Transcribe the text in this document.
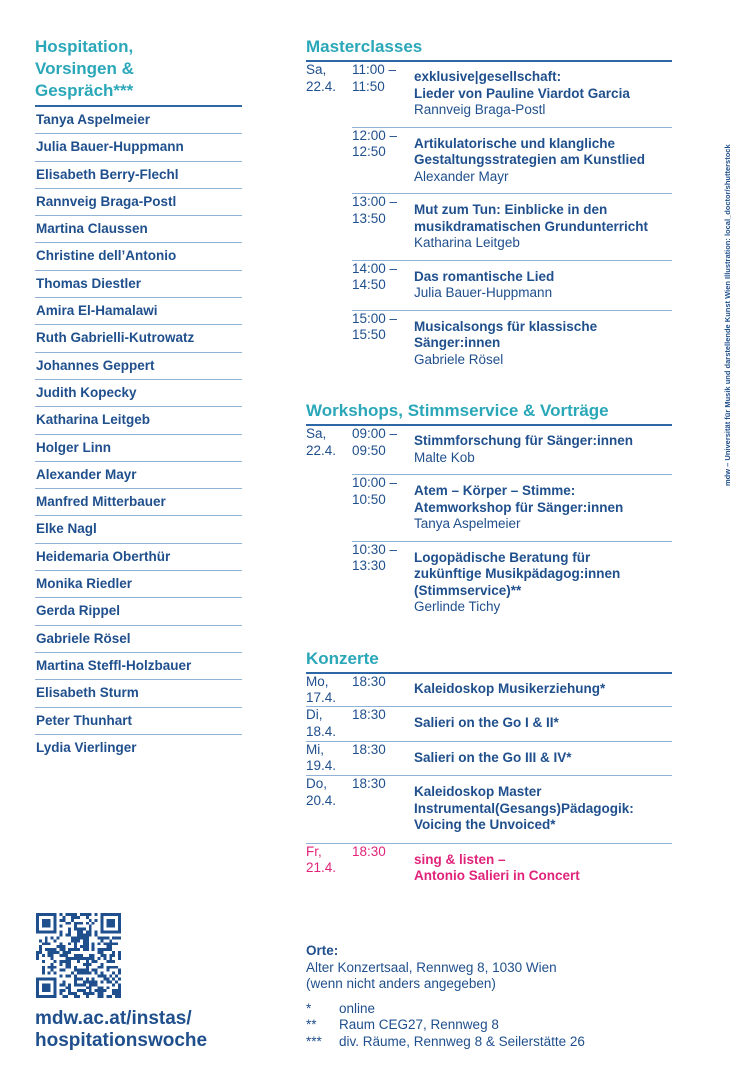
Hospitation,
Vorsingen &
Gespräch***
Tanya Aspelmeier
Julia Bauer-Huppmann
Elisabeth Berry-Flechl
Rannveig Braga-Postl
Martina Claussen
Christine dell’Antonio
Thomas Diestler
Amira El-Hamalawi
Ruth Gabrielli-Kutrowatz
Johannes Geppert
Judith Kopecky
Katharina Leitgeb
Holger Linn
Alexander Mayr
Manfred Mitterbauer
Elke Nagl
Heidemaria Oberthür
Monika Riedler
Gerda Rippel
Gabriele Rösel
Martina Steffl-Holzbauer
Elisabeth Sturm
Peter Thunhart
Lydia Vierlinger
Masterclasses
Sa,
22.4.
11:00 –
11:50
exklusive|gesellschaft:
Lieder von Pauline Viardot Garcia
Rannveig Braga-Postl
12:00 –
12:50
Artikulatorische und klangliche
Gestaltungsstrategien am Kunstlied
Alexander Mayr
13:00 –
13:50
Mut zum Tun: Einblicke in den
musikdramatischen Grundunterricht
Katharina Leitgeb
14:00 –
14:50
Das romantische Lied
Julia Bauer-Huppmann
15:00 –
15:50
Musicalsongs für klassische
Sänger:innen
Gabriele Rösel
Workshops, Stimmservice & Vorträge
Sa,
22.4.
09:00 –
09:50
Stimmforschung für Sänger:innen
Malte Kob
10:00 –
10:50
Atem – Körper – Stimme:
Atemworkshop für Sänger:innen
Tanya Aspelmeier
10:30 –
13:30
Logopädische Beratung für
zukünftige Musikpädagog:innen
(Stimmservice)**
Gerlinde Tichy
Konzerte
Mo,
17.4.
18:30	Kaleidoskop Musikerziehung*
Di,
18.4.
18:30
Salieri on the Go I & II*
Mi,
19.4.
18:30
Salieri on the Go III & IV*
Do,
20.4.
18:30
Kaleidoskop Master
Instrumental(Gesangs)Pädagogik:
Voicing the Unvoiced*
Fr,
21.4.
18:30
sing & listen –
Antonio Salieri in Concert
mdw.ac.at/instas/
hospitationswoche
Orte:
Alter Konzertsaal, Rennweg 8, 1030 Wien
(wenn nicht anders angegeben)
* online
** Raum CEG27, Rennweg 8
*** div. Räume, Rennweg 8 & Seilerstätte 26
mdw – Universität für Musik und darstellende Kunst Wien Illustration: local_doctor/shutterstock
